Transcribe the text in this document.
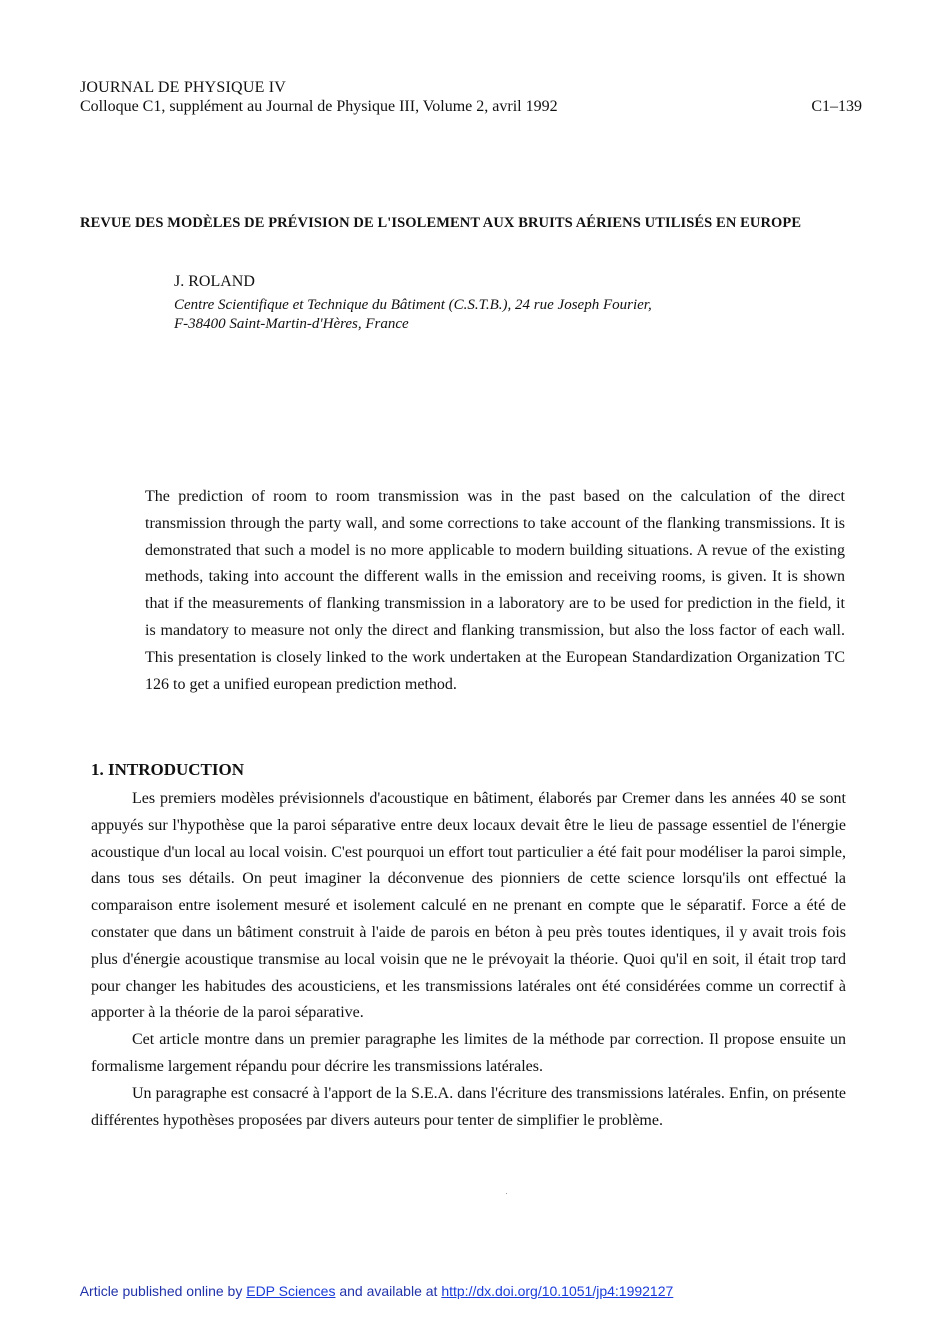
JOURNAL DE PHYSIQUE IV
Colloque C1, supplément au Journal de Physique III, Volume 2, avril 1992	C1–139
REVUE DES MODÈLES DE PRÉVISION DE L'ISOLEMENT AUX BRUITS AÉRIENS UTILISÉS EN EUROPE
J. ROLAND
Centre Scientifique et Technique du Bâtiment (C.S.T.B.), 24 rue Joseph Fourier,
F-38400 Saint-Martin-d'Hères, France
The prediction of room to room transmission was in the past based on the calculation of the direct transmission through the party wall, and some corrections to take account of the flanking transmissions. It is demonstrated that such a model is no more applicable to modern building situations. A revue of the existing methods, taking into account the different walls in the emission and receiving rooms, is given. It is shown that if the measurements of flanking transmission in a laboratory are to be used for prediction in the field, it is mandatory to measure not only the direct and flanking transmission, but also the loss factor of each wall. This presentation is closely linked to the work undertaken at the European Standardization Organization TC 126 to get a unified european prediction method.
1. INTRODUCTION

Les premiers modèles prévisionnels d'acoustique en bâtiment, élaborés par Cremer dans les années 40 se sont appuyés sur l'hypothèse que la paroi séparative entre deux locaux devait être le lieu de passage essentiel de l'énergie acoustique d'un local au local voisin. C'est pourquoi un effort tout particulier a été fait pour modéliser la paroi simple, dans tous ses détails. On peut imaginer la déconvenue des pionniers de cette science lorsqu'ils ont effectué la comparaison entre isolement mesuré et isolement calculé en ne prenant en compte que le séparatif. Force a été de constater que dans un bâtiment construit à l'aide de parois en béton à peu près toutes identiques, il y avait trois fois plus d'énergie acoustique transmise au local voisin que ne le prévoyait la théorie. Quoi qu'il en soit, il était trop tard pour changer les habitudes des acousticiens, et les transmissions latérales ont été considérées comme un correctif à apporter à la théorie de la paroi séparative.

Cet article montre dans un premier paragraphe les limites de la méthode par correction. Il propose ensuite un formalisme largement répandu pour décrire les transmissions latérales.

Un paragraphe est consacré à l'apport de la S.E.A. dans l'écriture des transmissions latérales. Enfin, on présente différentes hypothèses proposées par divers auteurs pour tenter de simplifier le problème.

Article published online by EDP Sciences and available at http://dx.doi.org/10.1051/jp4:1992127
